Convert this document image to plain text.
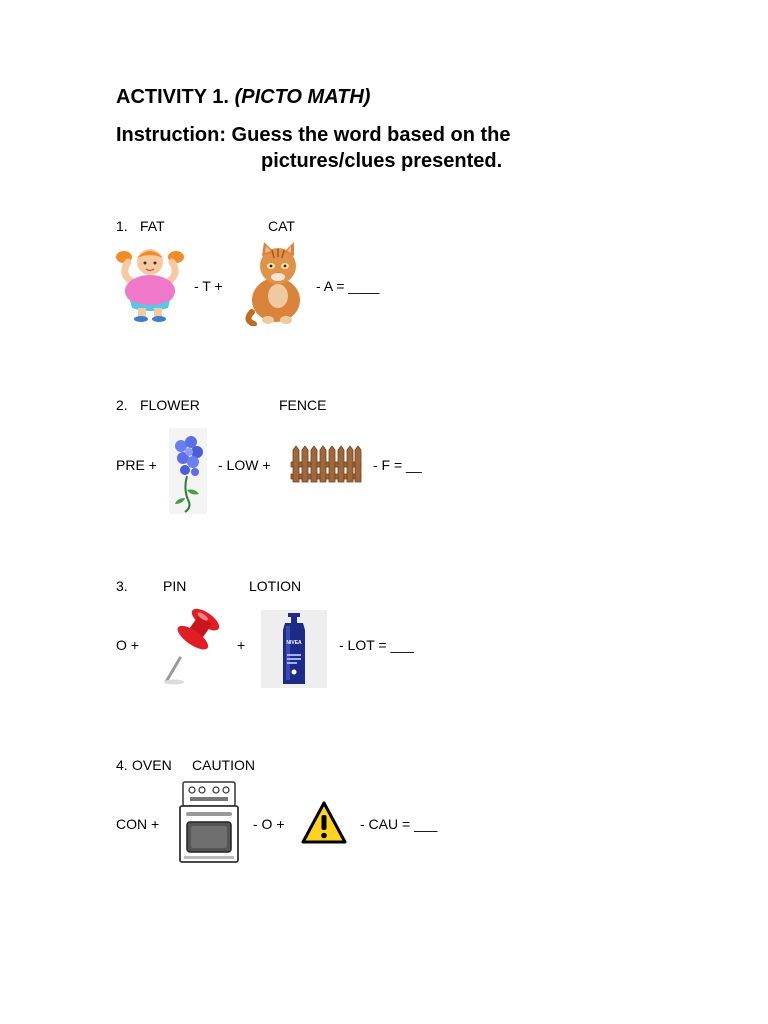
ACTIVITY 1. (PICTO MATH)
Instruction: Guess the word based on the
pictures/clues presented.
1. FAT	CAT
- T +	- A = ____
2. FLOWER	FENCE
PRE +	- LOW +	- F = __
3.	PIN	LOTION
O +	+	NIVEA	- LOT = ___
4. OVEN CAUTION
CON +	- O +	- CAU = ___
